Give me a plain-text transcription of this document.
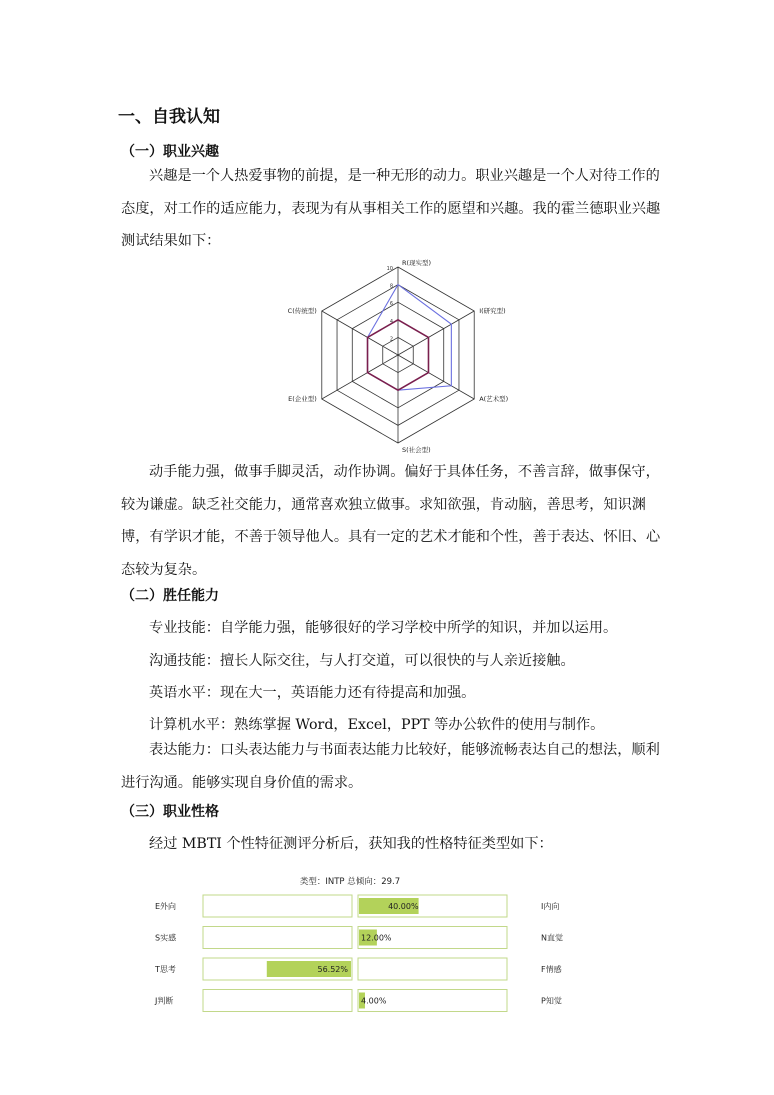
一、自我认知
（一）职业兴趣
兴趣是一个人热爱事物的前提，是一种无形的动力。职业兴趣是一个人对待工作的态度，对工作的适应能力，表现为有从事相关工作的愿望和兴趣。我的霍兰德职业兴趣测试结果如下：
2
4
6
8
10
R(现实型)
I(研究型)
A(艺术型)
S(社会型)
E(企业型)
C(传统型)
动手能力强，做事手脚灵活，动作协调。偏好于具体任务，不善言辞，做事保守，较为谦虚。缺乏社交能力，通常喜欢独立做事。求知欲强，肯动脑，善思考，知识渊博，有学识才能，不善于领导他人。具有一定的艺术才能和个性，善于表达、怀旧、心态较为复杂。
（二）胜任能力
专业技能：自学能力强，能够很好的学习学校中所学的知识，并加以运用。
沟通技能：擅长人际交往，与人打交道，可以很快的与人亲近接触。
英语水平：现在大一，英语能力还有待提高和加强。
计算机水平：熟练掌握 Word，Excel，PPT 等办公软件的使用与制作。
表达能力：口头表达能力与书面表达能力比较好，能够流畅表达自己的想法，顺利进行沟通。能够实现自身价值的需求。
（三）职业性格
经过 MBTI 个性特征测评分析后，获知我的性格特征类型如下：
类型：INTP 总倾向：29.7
E外向	I内向
40.00%
S实感	N直觉
12.00%
T思考	F情感
56.52%
J判断	P知觉
4.00%
